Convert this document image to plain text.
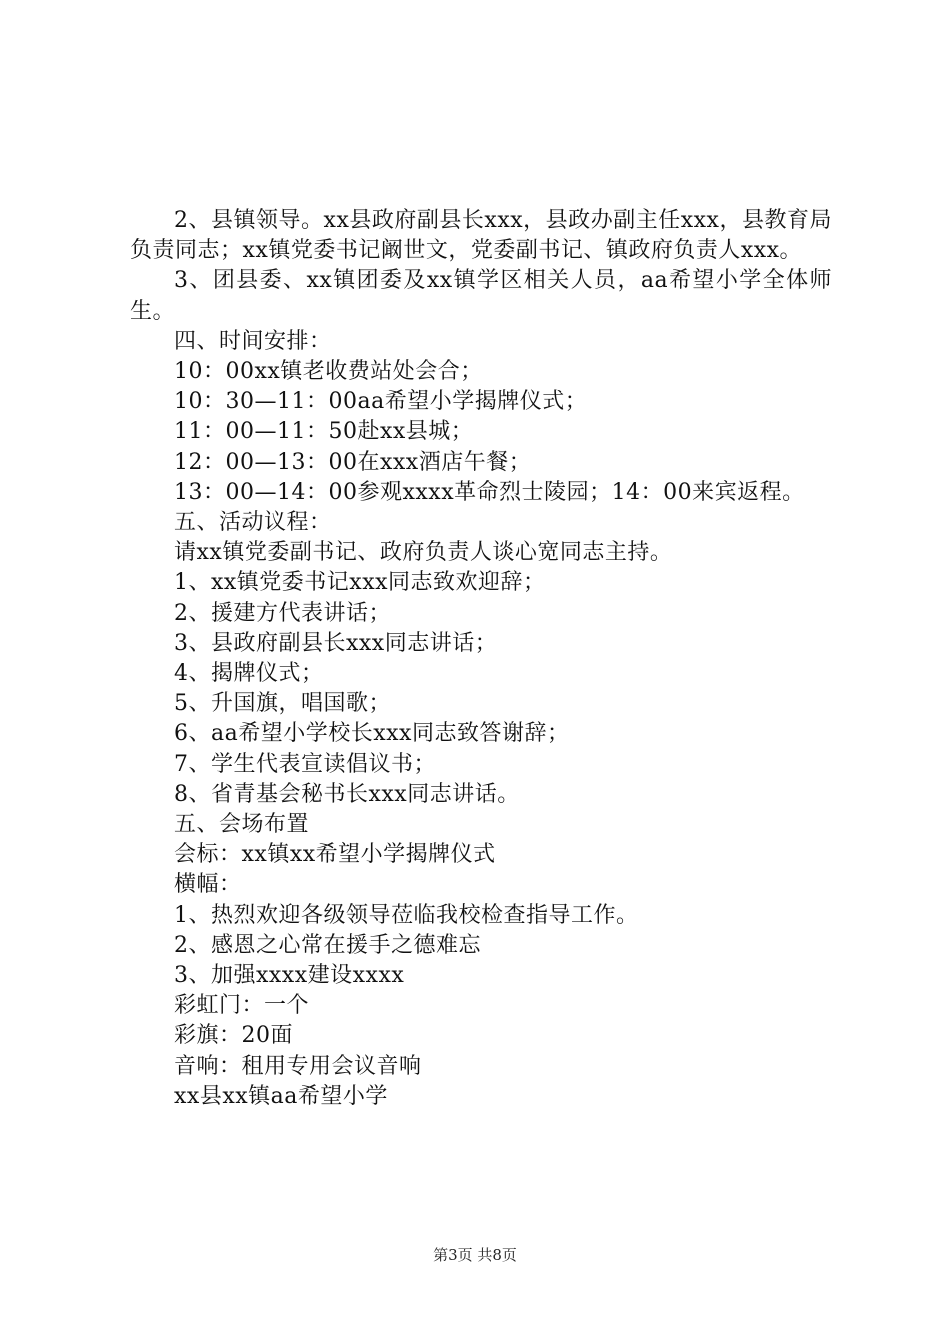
2、县镇领导。xx县政府副县长xxx，县政办副主任xxx，县教育局负责同志；xx镇党委书记阚世文，党委副书记、镇政府负责人xxx。

3、团县委、xx镇团委及xx镇学区相关人员，aa希望小学全体师生。

四、时间安排：

10：00xx镇老收费站处会合；

10：30—11：00aa希望小学揭牌仪式；

11：00—11：50赴xx县城；

12：00—13：00在xxx酒店午餐；

13：00—14：00参观xxxx革命烈士陵园；14：00来宾返程。

五、活动议程：

请xx镇党委副书记、政府负责人谈心宽同志主持。

1、xx镇党委书记xxx同志致欢迎辞；

2、援建方代表讲话；

3、县政府副县长xxx同志讲话；

4、揭牌仪式；

5、升国旗，唱国歌；

6、aa希望小学校长xxx同志致答谢辞；

7、学生代表宣读倡议书；

8、省青基会秘书长xxx同志讲话。

五、会场布置

会标：xx镇xx希望小学揭牌仪式

横幅：

1、热烈欢迎各级领导莅临我校检查指导工作。

2、感恩之心常在援手之德难忘

3、加强xxxx建设xxxx

彩虹门：一个

彩旗：20面

音响：租用专用会议音响

xx县xx镇aa希望小学

第3页 共8页
